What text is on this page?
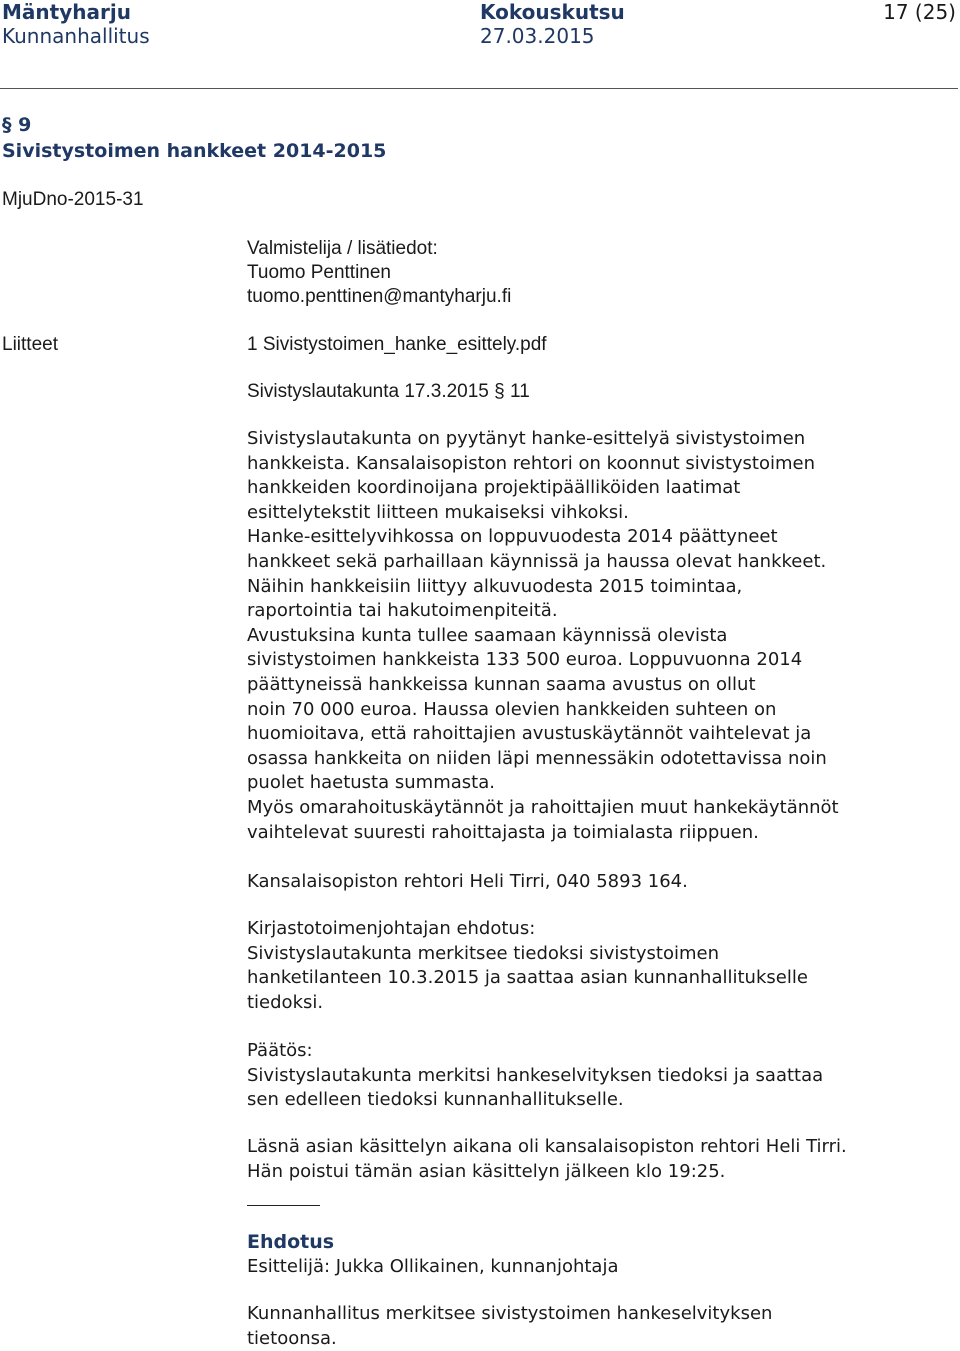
Mäntyharju
Kunnanhallitus
Kokouskutsu
27.03.2015
17 (25)
§ 9
Sivistystoimen hankkeet 2014-2015
MjuDno-2015-31
Valmistelija / lisätiedot:
Tuomo Penttinen
tuomo.penttinen@mantyharju.fi
Liitteet	1 Sivistystoimen_hanke_esittely.pdf
Sivistyslautakunta 17.3.2015 § 11
Sivistyslautakunta on pyytänyt hanke-esittelyä sivistystoimen
hankkeista. Kansalaisopiston rehtori on koonnut sivistystoimen
hankkeiden koordinoijana projektipäälliköiden laatimat
esittelytekstit liitteen mukaiseksi vihkoksi.
Hanke-esittelyvihkossa on loppuvuodesta 2014 päättyneet
hankkeet sekä parhaillaan käynnissä ja haussa olevat hankkeet.
Näihin hankkeisiin liittyy alkuvuodesta 2015 toimintaa,
raportointia tai hakutoimenpiteitä.
Avustuksina kunta tullee saamaan käynnissä olevista
sivistystoimen hankkeista 133 500 euroa. Loppuvuonna 2014
päättyneissä hankkeissa kunnan saama avustus on ollut
noin 70 000 euroa. Haussa olevien hankkeiden suhteen on
huomioitava, että rahoittajien avustuskäytännöt vaihtelevat ja
osassa hankkeita on niiden läpi mennessäkin odotettavissa noin
puolet haetusta summasta.
Myös omarahoituskäytännöt ja rahoittajien muut hankekäytännöt
vaihtelevat suuresti rahoittajasta ja toimialasta riippuen.
Kansalaisopiston rehtori Heli Tirri, 040 5893 164.
Kirjastotoimenjohtajan ehdotus:
Sivistyslautakunta merkitsee tiedoksi sivistystoimen
hanketilanteen 10.3.2015 ja saattaa asian kunnanhallitukselle
tiedoksi.
Päätös:
Sivistyslautakunta merkitsi hankeselvityksen tiedoksi ja saattaa
sen edelleen tiedoksi kunnanhallitukselle.
Läsnä asian käsittelyn aikana oli kansalaisopiston rehtori Heli Tirri.
Hän poistui tämän asian käsittelyn jälkeen klo 19:25.
Ehdotus
Esittelijä: Jukka Ollikainen, kunnanjohtaja
Kunnanhallitus merkitsee sivistystoimen hankeselvityksen
tietoonsa.
